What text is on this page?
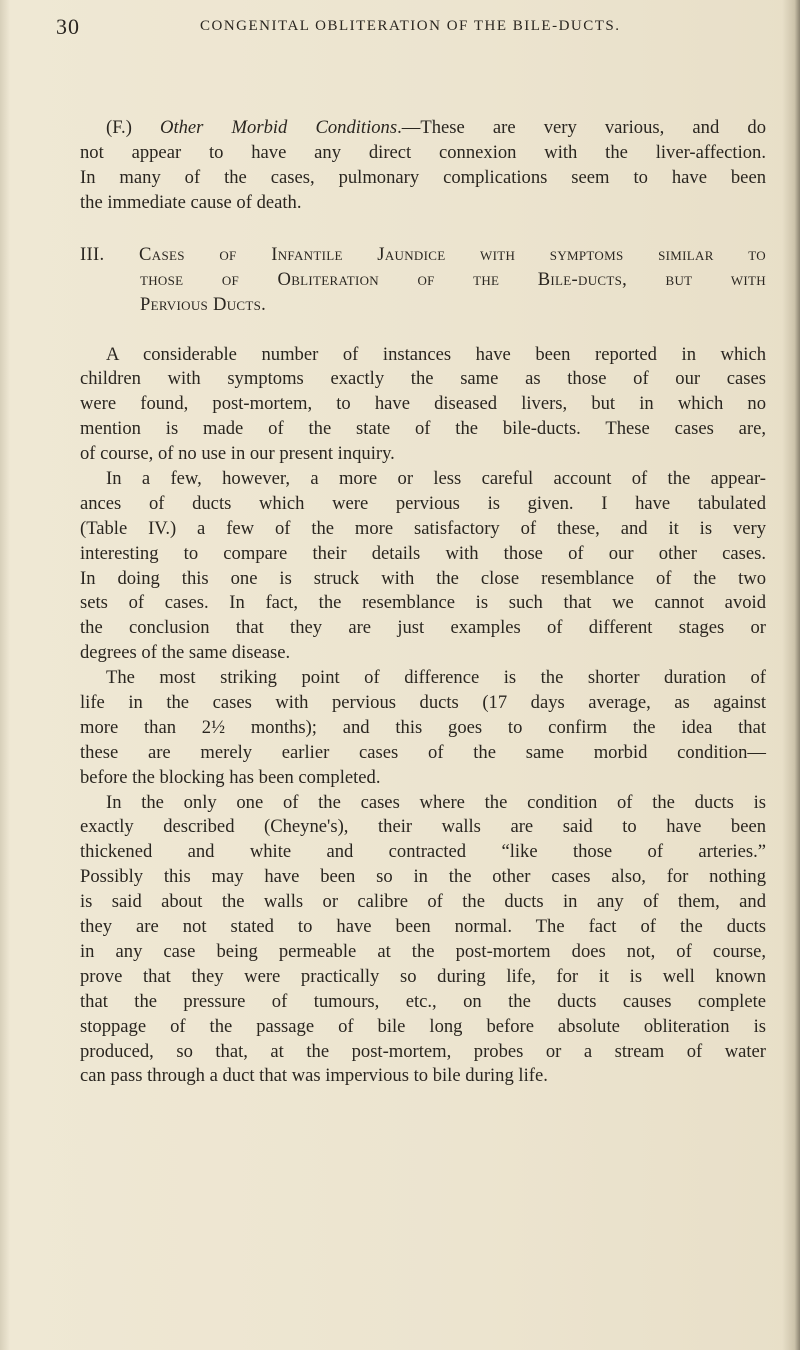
30	CONGENITAL OBLITERATION OF THE BILE-DUCTS.
(F.) Other Morbid Conditions.—These are very various, and do
not appear to have any direct connexion with the liver-affection.
In many of the cases, pulmonary complications seem to have been
the immediate cause of death.
III. Cases of Infantile Jaundice with symptoms similar to
those of Obliteration of the Bile-ducts, but with
Pervious Ducts.
A considerable number of instances have been reported in which
children with symptoms exactly the same as those of our cases
were found, post-mortem, to have diseased livers, but in which no
mention is made of the state of the bile-ducts. These cases are,
of course, of no use in our present inquiry.
In a few, however, a more or less careful account of the appear-
ances of ducts which were pervious is given. I have tabulated
(Table IV.) a few of the more satisfactory of these, and it is very
interesting to compare their details with those of our other cases.
In doing this one is struck with the close resemblance of the two
sets of cases. In fact, the resemblance is such that we cannot avoid
the conclusion that they are just examples of different stages or
degrees of the same disease.
The most striking point of difference is the shorter duration of
life in the cases with pervious ducts (17 days average, as against
more than 2½ months); and this goes to confirm the idea that
these are merely earlier cases of the same morbid condition—
before the blocking has been completed.
In the only one of the cases where the condition of the ducts is
exactly described (Cheyne's), their walls are said to have been
thickened and white and contracted “like those of arteries.”
Possibly this may have been so in the other cases also, for nothing
is said about the walls or calibre of the ducts in any of them, and
they are not stated to have been normal. The fact of the ducts
in any case being permeable at the post-mortem does not, of course,
prove that they were practically so during life, for it is well known
that the pressure of tumours, etc., on the ducts causes complete
stoppage of the passage of bile long before absolute obliteration is
produced, so that, at the post-mortem, probes or a stream of water
can pass through a duct that was impervious to bile during life.
